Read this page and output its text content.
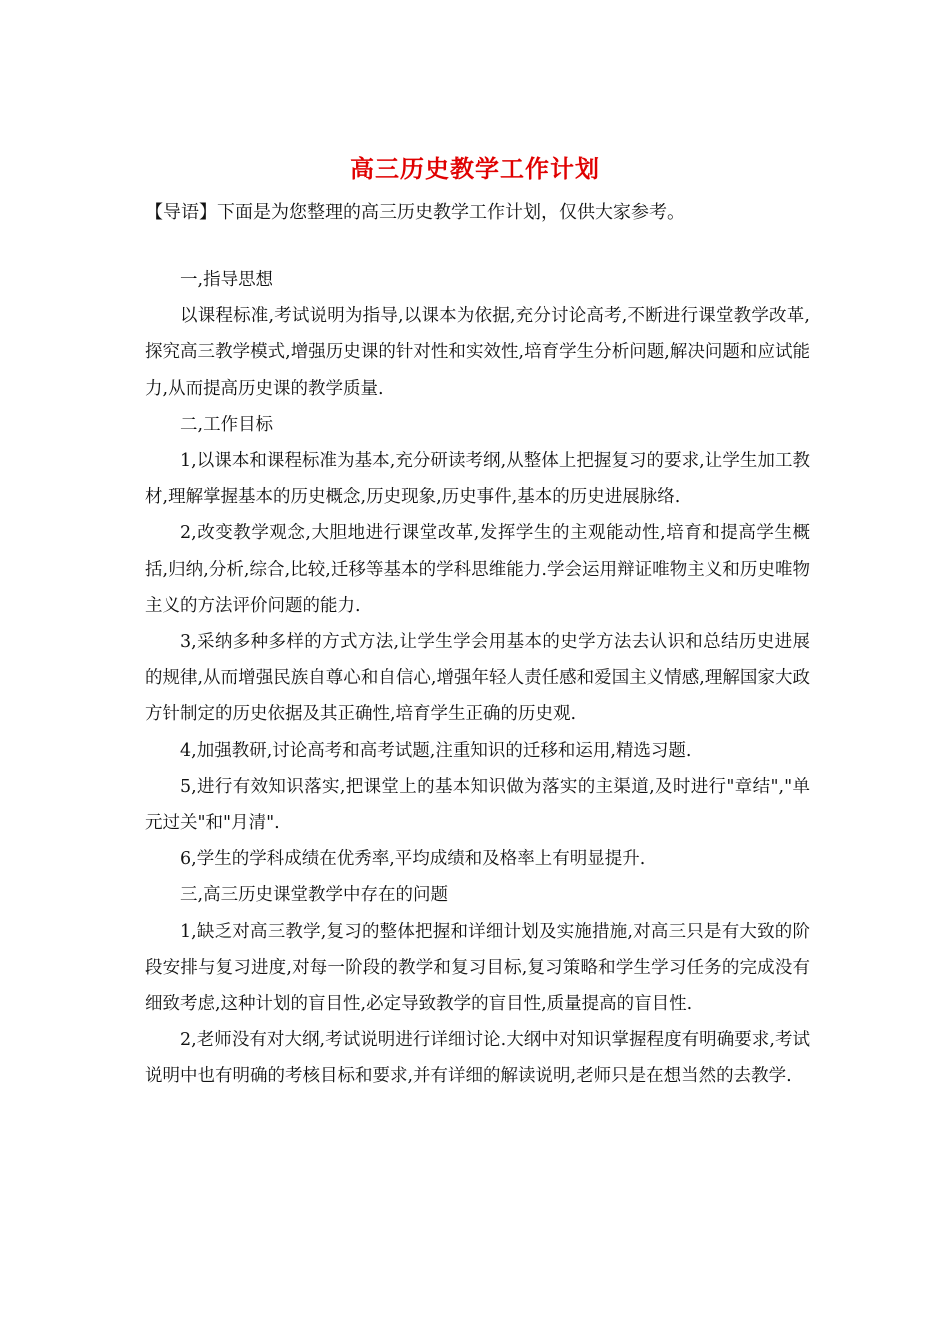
高三历史教学工作计划
【导语】下面是为您整理的高三历史教学工作计划，仅供大家参考。

一,指导思想

以课程标准,考试说明为指导,以课本为依据,充分讨论高考,不断进行课堂教学改革,探究高三教学模式,增强历史课的针对性和实效性,培育学生分析问题,解决问题和应试能力,从而提高历史课的教学质量.

二,工作目标

1,以课本和课程标准为基本,充分研读考纲,从整体上把握复习的要求,让学生加工教材,理解掌握基本的历史概念,历史现象,历史事件,基本的历史进展脉络.

2,改变教学观念,大胆地进行课堂改革,发挥学生的主观能动性,培育和提高学生概括,归纳,分析,综合,比较,迁移等基本的学科思维能力.学会运用辩证唯物主义和历史唯物主义的方法评价问题的能力.

3,采纳多种多样的方式方法,让学生学会用基本的史学方法去认识和总结历史进展的规律,从而增强民族自尊心和自信心,增强年轻人责任感和爱国主义情感,理解国家大政方针制定的历史依据及其正确性,培育学生正确的历史观.

4,加强教研,讨论高考和高考试题,注重知识的迁移和运用,精选习题.

5,进行有效知识落实,把课堂上的基本知识做为落实的主渠道,及时进行"章结","单元过关"和"月清".

6,学生的学科成绩在优秀率,平均成绩和及格率上有明显提升.

三,高三历史课堂教学中存在的问题

1,缺乏对高三教学,复习的整体把握和详细计划及实施措施,对高三只是有大致的阶段安排与复习进度,对每一阶段的教学和复习目标,复习策略和学生学习任务的完成没有细致考虑,这种计划的盲目性,必定导致教学的盲目性,质量提高的盲目性.

2,老师没有对大纲,考试说明进行详细讨论.大纲中对知识掌握程度有明确要求,考试说明中也有明确的考核目标和要求,并有详细的解读说明,老师只是在想当然的去教学.
